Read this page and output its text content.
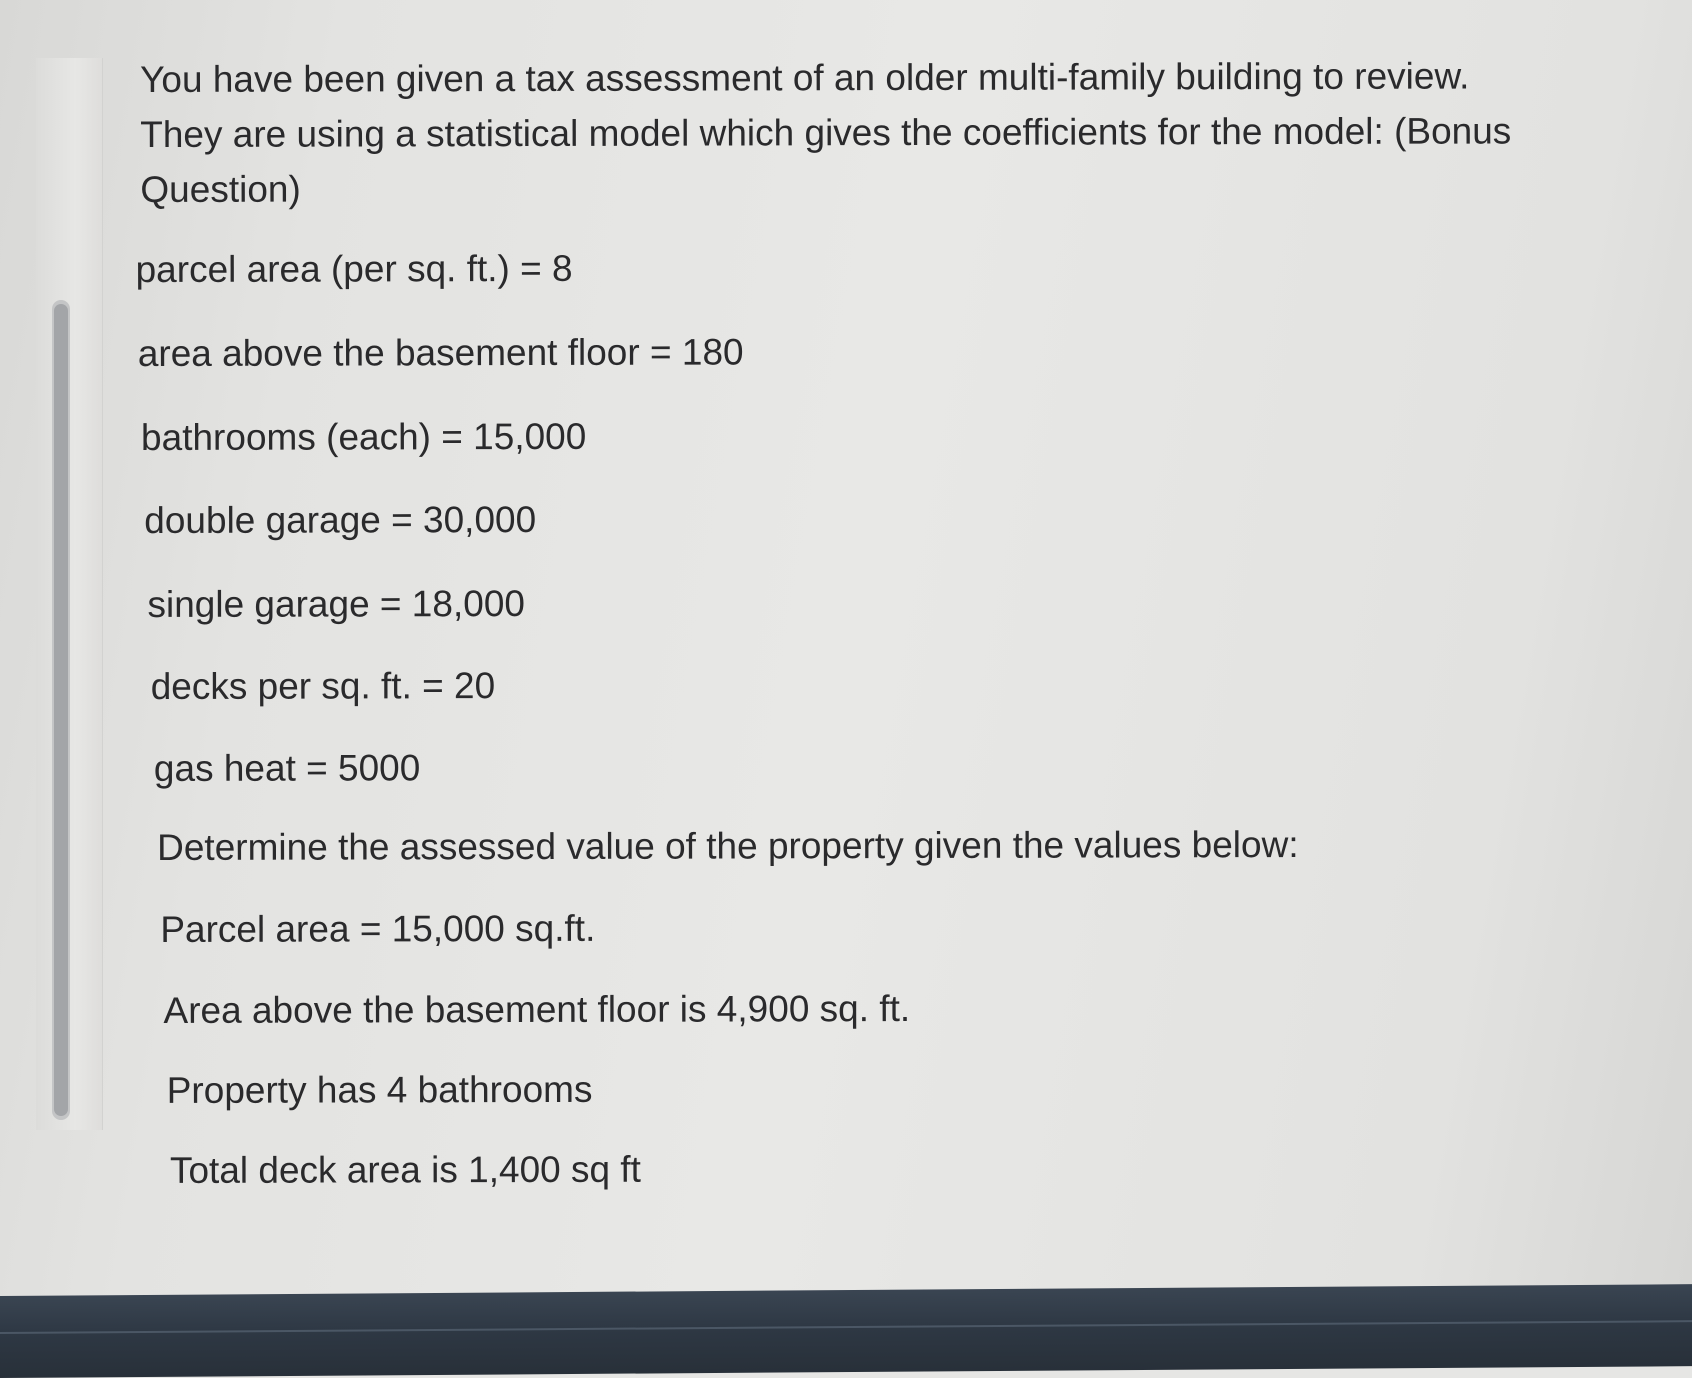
You have been given a tax assessment of an older multi-family building to review. They are using a statistical model which gives the coefficients for the model: (Bonus Question)

parcel area (per sq. ft.) = 8
area above the basement floor = 180
bathrooms (each) = 15,000
double garage = 30,000
single garage = 18,000
decks per sq. ft. = 20
gas heat = 5000
Determine the assessed value of the property given the values below:
Parcel area = 15,000 sq.ft.
Area above the basement floor is 4,900 sq. ft.
Property has 4 bathrooms
Total deck area is 1,400 sq ft
